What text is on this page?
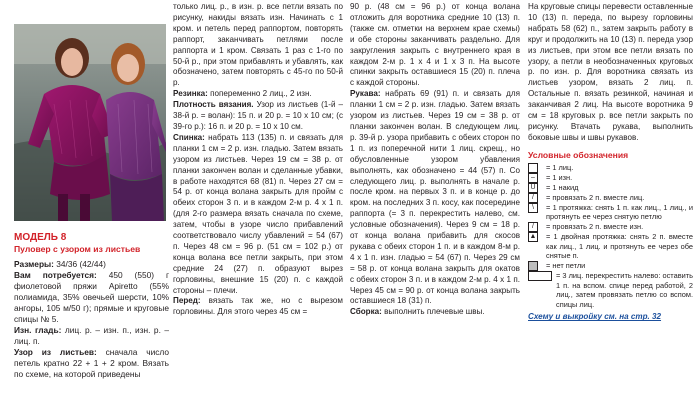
МОДЕЛЬ 8

Пуловер с узором из листьев

Размеры: 34/36 (42/44)

Вам потребуется: 450 (550) г фиолетовой пряжи Apiretto (55% полиамида, 35% овечьей шерсти, 10% ангоры, 105 м/50 г); прямые и круговые спицы № 5.

Изн. гладь: лиц. р. – изн. п., изн. р. – лиц. п.

Узор из листьев: сначала число петель кратно 22 + 1 + 2 кром. Вязать по схеме, на которой приведены

только лиц. р., в изн. р. все петли вязать по рисунку, накиды вязать изн. Начинать с 1 кром. и петель перед раппортом, повторять раппорт, заканчивать петлями после раппорта и 1 кром. Связать 1 раз с 1-го по 50-й р., при этом прибавлять и убавлять, как обозначено, затем повторять с 45-го по 50-й р.

Резинка: попеременно 2 лиц., 2 изн.

Плотность вязания. Узор из листьев (1-й – 38-й р. = волан): 15 п. и 20 р. = 10 x 10 см; (с 39-го р.): 16 п. и 20 р. = 10 x 10 см.

Спинка: набрать 113 (135) п. и связать для планки 1 см = 2 р. изн. гладью. Затем вязать узором из листьев. Через 19 см = 38 р. от планки закончен волан и сделанные убавки, в работе находятся 68 (81) п. Через 27 см = 54 р. от конца волана закрыть для пройм с обеих сторон 3 п. и в каждом 2-м р. 4 x 1 п. (для 2-го размера вязать сначала по схеме, затем, чтобы в узоре число прибавлений соответствовало числу убавлений = 54 (67) п. Через 48 см = 96 р. (51 см = 102 р.) от конца волана все петли закрыть, при этом средние 24 (27) п. образуют вырез горловины, внешние 15 (20) п. с каждой стороны – плечи.

Перед: вязать так же, но с вырезом горловины. Для этого через 45 см =

90 р. (48 см = 96 р.) от конца волана отложить для воротника средние 10 (13) п. (также см. отметки на верхнем крае схемы) и обе стороны заканчивать раздельно. Для закругления закрыть с внутреннего края в каждом 2-м р. 1 x 4 и 1 x 3 п. На высоте спинки закрыть оставшиеся 15 (20) п. плеча с каждой стороны.

Рукава: набрать 69 (91) п. и связать для планки 1 см = 2 р. изн. гладью. Затем вязать узором из листьев. Через 19 см = 38 р. от планки закончен волан. В следующем лиц. р. 39-й р. узора прибавить с обеих сторон по 1 п. из поперечной нити 1 лиц. скрещ., но обусловленные узором убавления выполнять, как обозначено = 44 (57) п. Со следующего лиц. р. выполнять в начале р. после кром. на первых 3 п. и в конце р. до кром. на последних 3 п. косу, как посередине раппорта (= 3 п. перекрестить налево, см. условные обозначения). Через 9 см = 18 р. от конца волана прибавить для скосов рукава с обеих сторон 1 п. и в каждом 8-м р. 4 x 1 п. изн. гладью = 54 (67) п. Через 29 см = 58 р. от конца волана закрыть для окатов с обеих сторон 3 п. и в каждом 2-м р. 4 x 1 п. Через 45 см = 90 р. от конца волана закрыть оставшиеся 18 (31) п.

Сборка: выполнить плечевые швы.

На круговые спицы перевести оставленные 10 (13) п. переда, по вырезу горловины набрать 58 (62) п., затем закрыть работу в круг и продолжить на 10 (13) п. переда узор из листьев, при этом все петли вязать по узору, а петли в необозначенных круговых р. по изн. р. Для воротника связать из листьев узором, вязать 2 лиц. п. Остальные п. вязать резинкой, начиная и заканчивая 2 лиц. На высоте воротника 9 см = 18 круговых р. все петли закрыть по рисунку. Втачать рукава, выполнить боковые швы и швы рукавов.

Условные обозначения

= 1 лиц.
–	= 1 изн.
U	= 1 накид
/	= провязать 2 п. вместе лиц.
\	= 1 протяжка: снять 1 п. как лиц., 1 лиц., и протянуть ее через снятую петлю
/	= провязать 2 п. вместе изн.
▲	= 1 двойная протяжка: снять 2 п. вместе как лиц., 1 лиц. и протянуть ее через обе снятые п.
= нет петли
= 3 лиц. перекрестить налево: оставить 1 п. на вспом. спице перед работой, 2 лиц., затем провязать петлю со вспом. спицы лиц.

Схему и выкройку см. на стр. 32
